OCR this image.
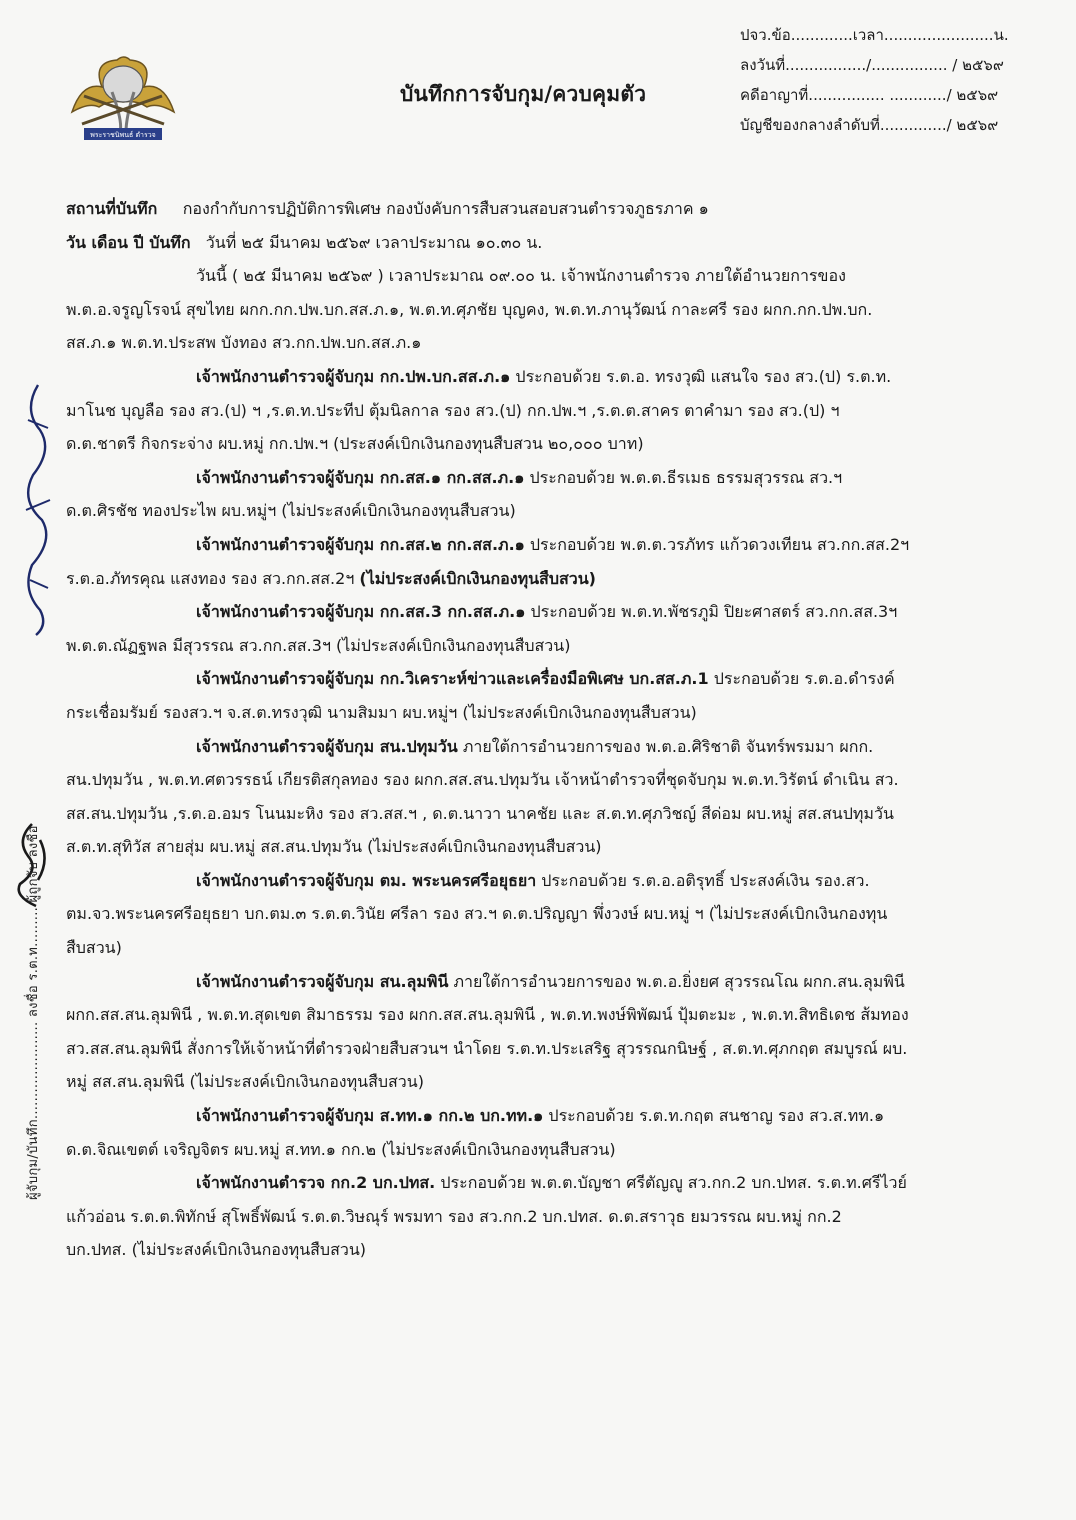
พระราชนิพนธ์ ตำรวจ
บันทึกการจับกุม/ควบคุมตัว
ปจว.ข้อ.............เวลา.......................น.
ลงวันที่................./................ / ๒๕๖๙
คดีอาญาที่................ ............/ ๒๕๖๙
บัญชีของกลางลำดับที่............../ ๒๕๖๙
สถานที่บันทึก กองกำกับการปฏิบัติการพิเศษ กองบังคับการสืบสวนสอบสวนตำรวจภูธรภาค ๑
วัน เดือน ปี บันทึก วันที่ ๒๕ มีนาคม ๒๕๖๙ เวลาประมาณ ๑๐.๓๐ น.
วันนี้ ( ๒๕ มีนาคม ๒๕๖๙ ) เวลาประมาณ ๐๙.๐๐ น. เจ้าพนักงานตำรวจ ภายใต้อำนวยการของ
พ.ต.อ.จรูญโรจน์ สุขไทย ผกก.กก.ปพ.บก.สส.ภ.๑, พ.ต.ท.ศุภชัย บุญคง, พ.ต.ท.ภานุวัฒน์ กาละศรี รอง ผกก.กก.ปพ.บก.
สส.ภ.๑ พ.ต.ท.ประสพ บังทอง สว.กก.ปพ.บก.สส.ภ.๑
เจ้าพนักงานตำรวจผู้จับกุม กก.ปพ.บก.สส.ภ.๑ ประกอบด้วย ร.ต.อ. ทรงวุฒิ แสนใจ รอง สว.(ป) ร.ต.ท.
มาโนช บุญลือ รอง สว.(ป) ฯ ,ร.ต.ท.ประทีป ตุ้มนิลกาล รอง สว.(ป) กก.ปพ.ฯ ,ร.ต.ต.สาคร ตาคำมา รอง สว.(ป) ฯ
ด.ต.ชาตรี กิจกระจ่าง ผบ.หมู่ กก.ปพ.ฯ (ประสงค์เบิกเงินกองทุนสืบสวน ๒๐,๐๐๐ บาท)
เจ้าพนักงานตำรวจผู้จับกุม กก.สส.๑ กก.สส.ภ.๑ ประกอบด้วย พ.ต.ต.ธีรเมธ ธรรมสุวรรณ สว.ฯ
ด.ต.ศิรชัช ทองประไพ ผบ.หมู่ฯ (ไม่ประสงค์เบิกเงินกองทุนสืบสวน)
เจ้าพนักงานตำรวจผู้จับกุม กก.สส.๒ กก.สส.ภ.๑ ประกอบด้วย พ.ต.ต.วรภัทร แก้วดวงเทียน สว.กก.สส.2ฯ
ร.ต.อ.ภัทรคุณ แสงทอง รอง สว.กก.สส.2ฯ (ไม่ประสงค์เบิกเงินกองทุนสืบสวน)
เจ้าพนักงานตำรวจผู้จับกุม กก.สส.3 กก.สส.ภ.๑ ประกอบด้วย พ.ต.ท.พัชรภูมิ ปิยะศาสตร์ สว.กก.สส.3ฯ
พ.ต.ต.ณัฏฐพล มีสุวรรณ สว.กก.สส.3ฯ (ไม่ประสงค์เบิกเงินกองทุนสืบสวน)
เจ้าพนักงานตำรวจผู้จับกุม กก.วิเคราะห์ข่าวและเครื่องมือพิเศษ บก.สส.ภ.1 ประกอบด้วย ร.ต.อ.ดำรงค์
กระเชื่อมรัมย์ รองสว.ฯ จ.ส.ต.ทรงวุฒิ นามสิมมา ผบ.หมู่ฯ (ไม่ประสงค์เบิกเงินกองทุนสืบสวน)
เจ้าพนักงานตำรวจผู้จับกุม สน.ปทุมวัน ภายใต้การอำนวยการของ พ.ต.อ.ศิริชาติ จันทร์พรมมา ผกก.
สน.ปทุมวัน , พ.ต.ท.ศตวรรธน์ เกียรติสกุลทอง รอง ผกก.สส.สน.ปทุมวัน เจ้าหน้าตำรวจที่ชุดจับกุม พ.ต.ท.วิรัตน์ ดำเนิน สว.
สส.สน.ปทุมวัน ,ร.ต.อ.อมร โนนมะหิง รอง สว.สส.ฯ , ด.ต.นาวา นาคชัย และ ส.ต.ท.ศุภวิชญ์ สีด่อม ผบ.หมู่ สส.สนปทุมวัน
ส.ต.ท.สุทิวัส สายสุ่ม ผบ.หมู่ สส.สน.ปทุมวัน (ไม่ประสงค์เบิกเงินกองทุนสืบสวน)
เจ้าพนักงานตำรวจผู้จับกุม ตม. พระนครศรีอยุธยา ประกอบด้วย ร.ต.อ.อติรุทธิ์ ประสงค์เงิน รอง.สว.
ตม.จว.พระนครศรีอยุธยา บก.ตม.๓ ร.ต.ต.วินัย ศรีลา รอง สว.ฯ ด.ต.ปริญญา พึ่งวงษ์ ผบ.หมู่ ฯ (ไม่ประสงค์เบิกเงินกองทุน
สืบสวน)
เจ้าพนักงานตำรวจผู้จับกุม สน.ลุมพินี ภายใต้การอำนวยการของ พ.ต.อ.ยิ่งยศ สุวรรณโณ ผกก.สน.ลุมพินี
ผกก.สส.สน.ลุมพินี , พ.ต.ท.สุดเขต สิมาธรรม รอง ผกก.สส.สน.ลุมพินี , พ.ต.ท.พงษ์พิพัฒน์ ปุ้มตะมะ , พ.ต.ท.สิทธิเดช ส้มทอง
สว.สส.สน.ลุมพินี สั่งการให้เจ้าหน้าที่ตำรวจฝ่ายสืบสวนฯ นำโดย ร.ต.ท.ประเสริฐ สุวรรณกนิษฐ์ , ส.ต.ท.ศุภกฤต สมบูรณ์ ผบ.
หมู่ สส.สน.ลุมพินี (ไม่ประสงค์เบิกเงินกองทุนสืบสวน)
เจ้าพนักงานตำรวจผู้จับกุม ส.ทท.๑ กก.๒ บก.ทท.๑ ประกอบด้วย ร.ต.ท.กฤต สนชาญ รอง สว.ส.ทท.๑
ด.ต.จิณเขตต์ เจริญจิตร ผบ.หมู่ ส.ทท.๑ กก.๒ (ไม่ประสงค์เบิกเงินกองทุนสืบสวน)
เจ้าพนักงานตำรวจ กก.2 บก.ปทส. ประกอบด้วย พ.ต.ต.บัญชา ศรีตัญญู สว.กก.2 บก.ปทส. ร.ต.ท.ศรีไวย์
แก้วอ่อน ร.ต.ต.พิทักษ์ สุโพธิ์พัฒน์ ร.ต.ต.วิษณุร์ พรมทา รอง สว.กก.2 บก.ปทส. ด.ต.สราวุธ ยมวรรณ ผบ.หมู่ กก.2
บก.ปทส. (ไม่ประสงค์เบิกเงินกองทุนสืบสวน)
ผู้จับกุม/บันทึก...................... ลงชื่อ ร.ต.ท......... ผู้ถูกจับ ลงชื่อ
